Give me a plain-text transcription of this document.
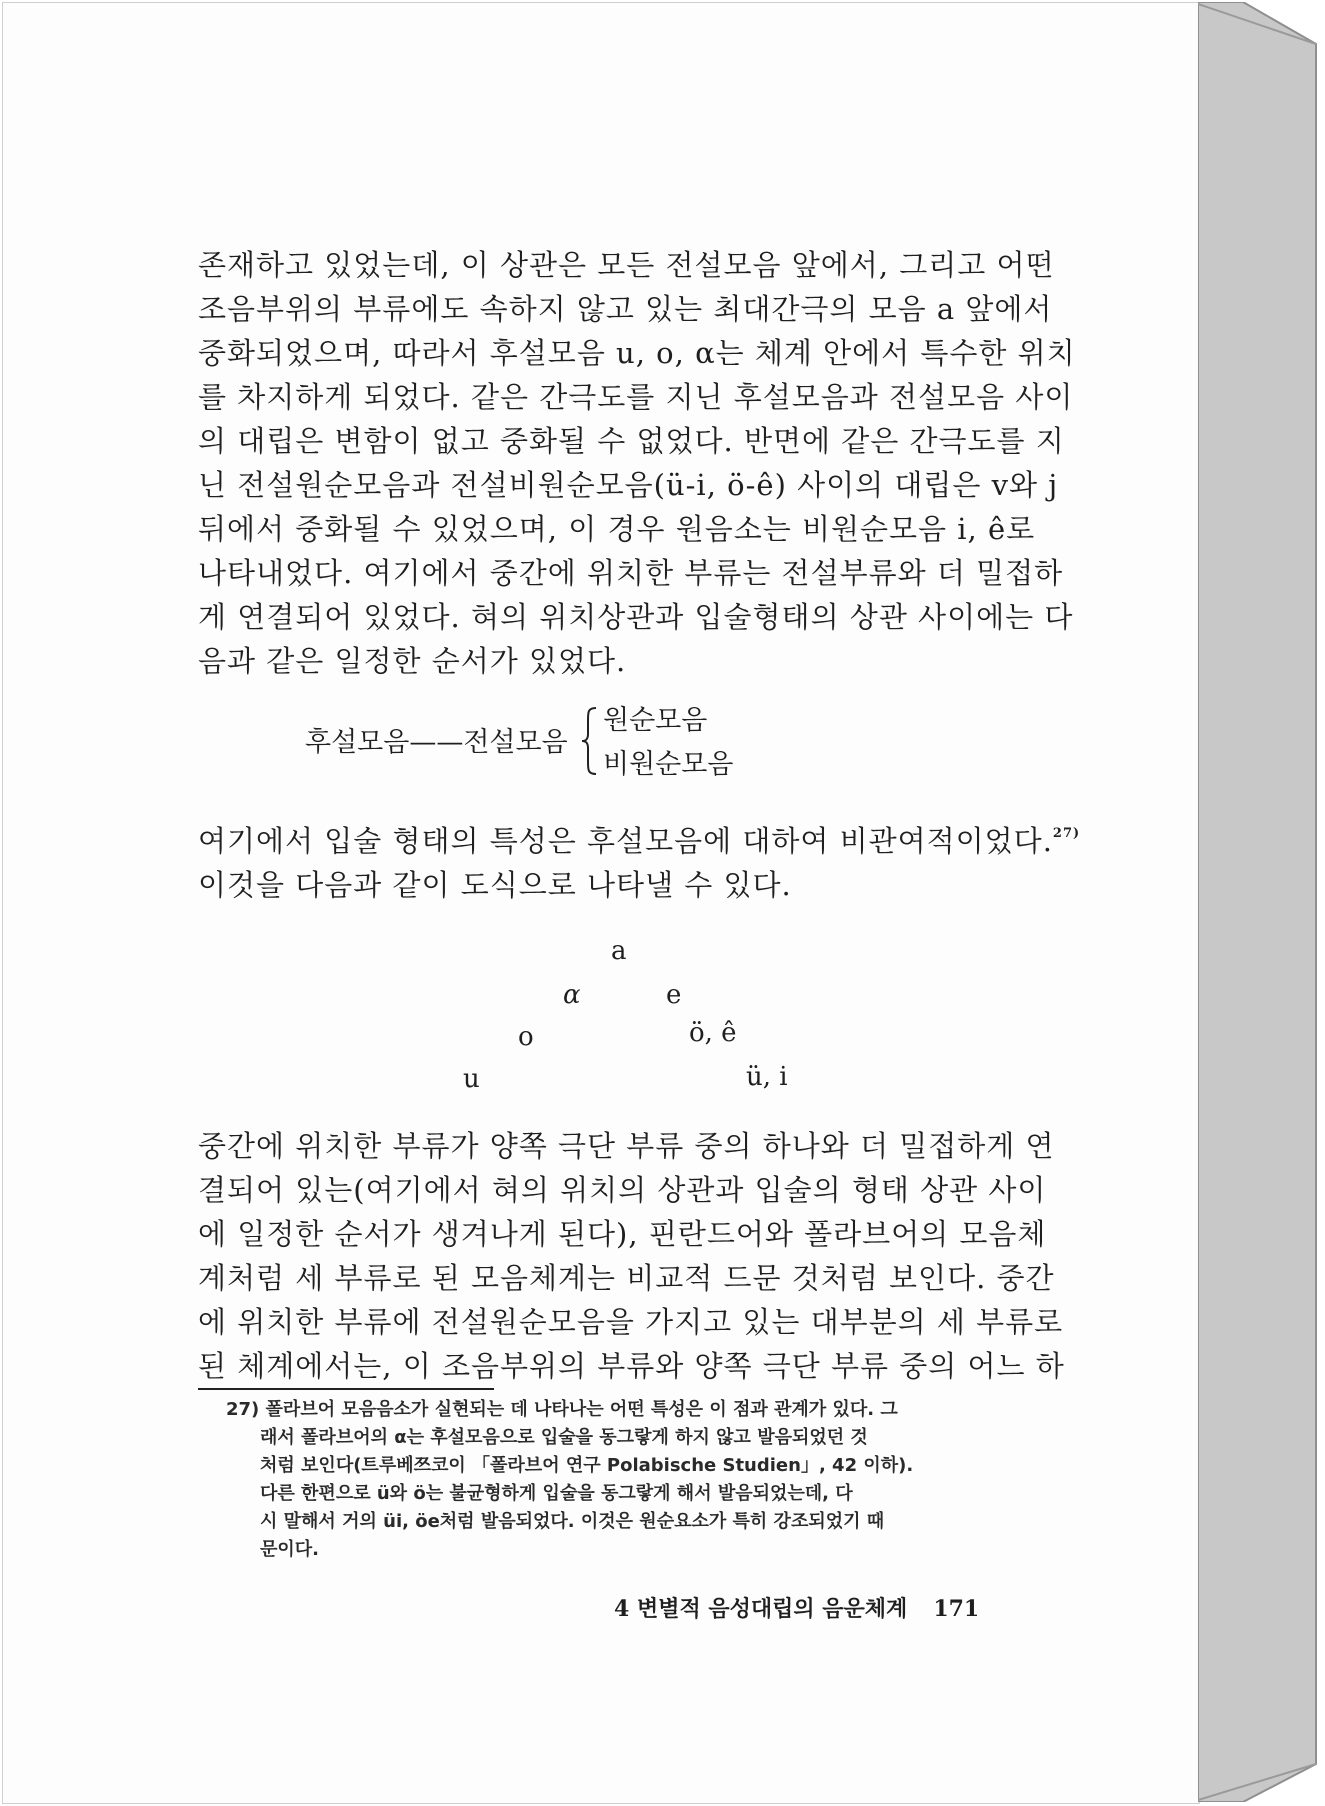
존재하고 있었는데, 이 상관은 모든 전설모음 앞에서, 그리고 어떤
조음부위의 부류에도 속하지 않고 있는 최대간극의 모음 a 앞에서
중화되었으며, 따라서 후설모음 u, o, α는 체계 안에서 특수한 위치
를 차지하게 되었다. 같은 간극도를 지닌 후설모음과 전설모음 사이
의 대립은 변함이 없고 중화될 수 없었다. 반면에 같은 간극도를 지
닌 전설원순모음과 전설비원순모음(ü-i, ö-ê) 사이의 대립은 v와 j
뒤에서 중화될 수 있었으며, 이 경우 원음소는 비원순모음 i, ê로
나타내었다. 여기에서 중간에 위치한 부류는 전설부류와 더 밀접하
게 연결되어 있었다. 혀의 위치상관과 입술형태의 상관 사이에는 다
음과 같은 일정한 순서가 있었다.

후설모음——전설모음
원순모음
비원순모음
여기에서 입술 형태의 특성은 후설모음에 대하여 비관여적이었다.$^{27)}$
이것을 다음과 같이 도식으로 나타낼 수 있다.
a
α	e
o	ö, ê
u	ü, i
중간에 위치한 부류가 양쪽 극단 부류 중의 하나와 더 밀접하게 연
결되어 있는(여기에서 혀의 위치의 상관과 입술의 형태 상관 사이
에 일정한 순서가 생겨나게 된다), 핀란드어와 폴라브어의 모음체
계처럼 세 부류로 된 모음체계는 비교적 드문 것처럼 보인다. 중간
에 위치한 부류에 전설원순모음을 가지고 있는 대부분의 세 부류로
된 체계에서는, 이 조음부위의 부류와 양쪽 극단 부류 중의 어느 하
27) 폴라브어 모음음소가 실현되는 데 나타나는 어떤 특성은 이 점과 관계가 있다. 그
래서 폴라브어의 α는 후설모음으로 입술을 동그랗게 하지 않고 발음되었던 것
처럼 보인다(트루베쯔코이 「폴라브어 연구 Polabische Studien」, 42 이하).
다른 한편으로 ü와 ö는 불균형하게 입술을 동그랗게 해서 발음되었는데, 다
시 말해서 거의 üi, öe처럼 발음되었다. 이것은 원순요소가 특히 강조되었기 때
문이다.
4 변별적 음성대립의 음운체계 171
